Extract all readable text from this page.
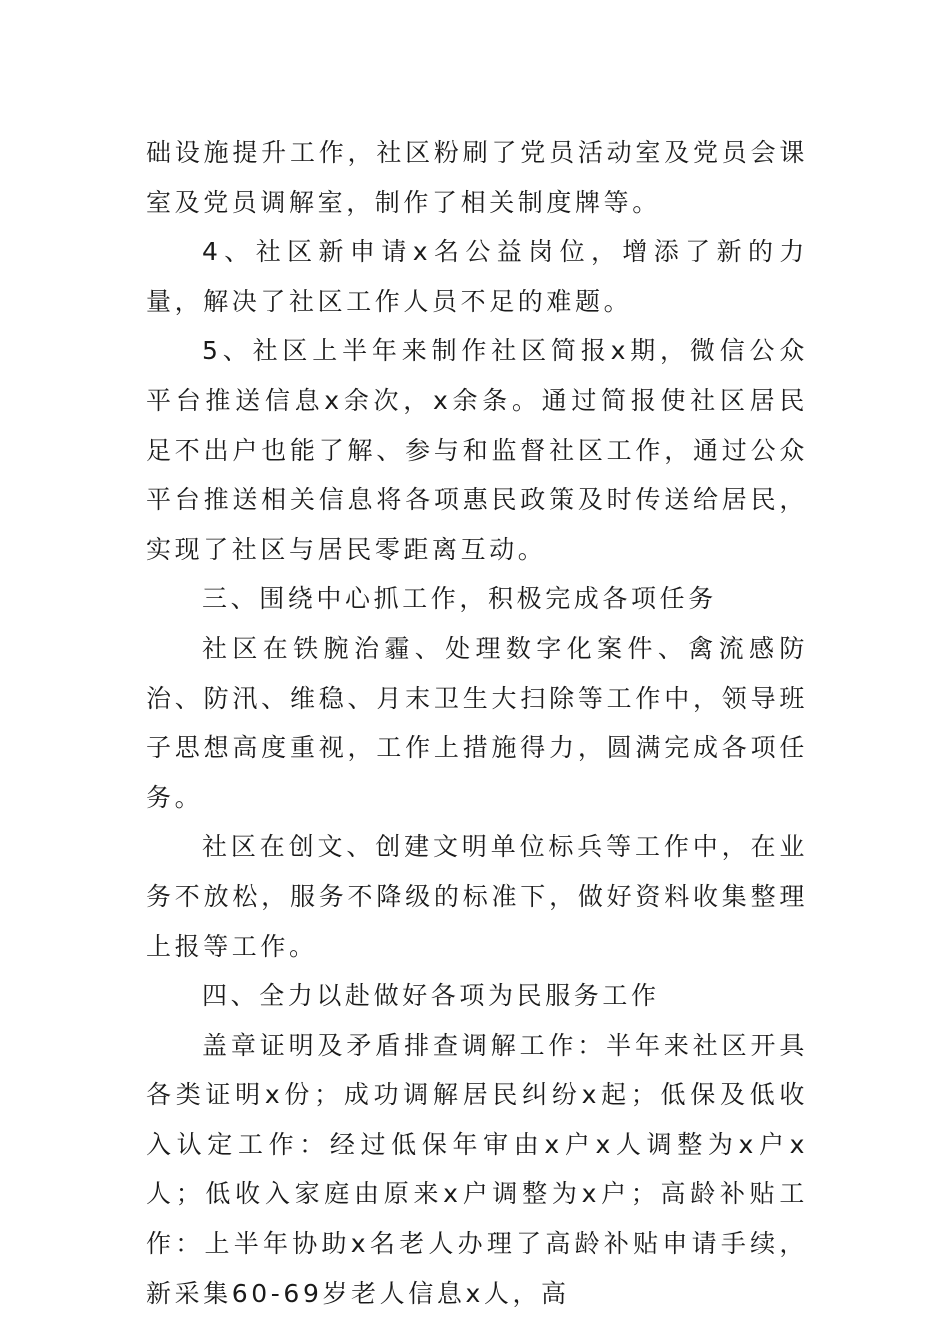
础设施提升工作，社区粉刷了党员活动室及党员会课室及党员调解室，制作了相关制度牌等。

4、社区新申请x名公益岗位，增添了新的力量，解决了社区工作人员不足的难题。

5、社区上半年来制作社区简报x期，微信公众平台推送信息x余次，x余条。通过简报使社区居民足不出户也能了解、参与和监督社区工作，通过公众平台推送相关信息将各项惠民政策及时传送给居民，实现了社区与居民零距离互动。

三、围绕中心抓工作，积极完成各项任务

社区在铁腕治霾、处理数字化案件、禽流感防治、防汛、维稳、月末卫生大扫除等工作中，领导班子思想高度重视，工作上措施得力，圆满完成各项任务。

社区在创文、创建文明单位标兵等工作中，在业务不放松，服务不降级的标准下，做好资料收集整理上报等工作。

四、全力以赴做好各项为民服务工作

盖章证明及矛盾排查调解工作：半年来社区开具各类证明x份；成功调解居民纠纷x起；低保及低收入认定工作：经过低保年审由x户x人调整为x户x人；低收入家庭由原来x户调整为x户；高龄补贴工作：上半年协助x名老人办理了高龄补贴申请手续，新采集60-69岁老人信息x人，高
